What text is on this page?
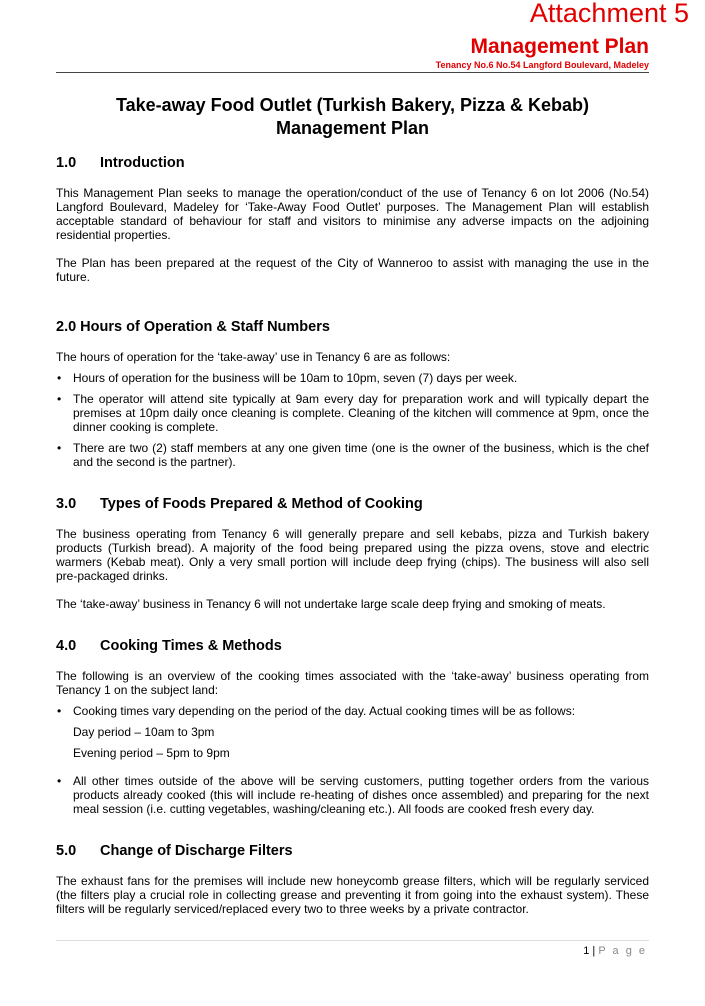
Attachment 5
Management Plan
Tenancy No.6 No.54 Langford Boulevard, Madeley
Take-away Food Outlet (Turkish Bakery, Pizza & Kebab)
Management Plan
1.0 Introduction

This Management Plan seeks to manage the operation/conduct of the use of Tenancy 6 on lot 2006 (No.54) Langford Boulevard, Madeley for ‘Take-Away Food Outlet’ purposes. The Management Plan will establish acceptable standard of behaviour for staff and visitors to minimise any adverse impacts on the adjoining residential properties.

The Plan has been prepared at the request of the City of Wanneroo to assist with managing the use in the future.

2.0 Hours of Operation & Staff Numbers

The hours of operation for the ‘take-away’ use in Tenancy 6 are as follows:

• Hours of operation for the business will be 10am to 10pm, seven (7) days per week.
• The operator will attend site typically at 9am every day for preparation work and will typically depart the premises at 10pm daily once cleaning is complete. Cleaning of the kitchen will commence at 9pm, once the dinner cooking is complete.
• There are two (2) staff members at any one given time (one is the owner of the business, which is the chef and the second is the partner).
3.0 Types of Foods Prepared & Method of Cooking

The business operating from Tenancy 6 will generally prepare and sell kebabs, pizza and Turkish bakery products (Turkish bread). A majority of the food being prepared using the pizza ovens, stove and electric warmers (Kebab meat). Only a very small portion will include deep frying (chips). The business will also sell pre-packaged drinks.

The ‘take-away’ business in Tenancy 6 will not undertake large scale deep frying and smoking of meats.

4.0 Cooking Times & Methods

The following is an overview of the cooking times associated with the ‘take-away’ business operating from Tenancy 1 on the subject land:

• Cooking times vary depending on the period of the day. Actual cooking times will be as follows:
Day period – 10am to 3pm
Evening period – 5pm to 9pm
• All other times outside of the above will be serving customers, putting together orders from the various products already cooked (this will include re-heating of dishes once assembled) and preparing for the next meal session (i.e. cutting vegetables, washing/cleaning etc.). All foods are cooked fresh every day.
5.0 Change of Discharge Filters

The exhaust fans for the premises will include new honeycomb grease filters, which will be regularly serviced (the filters play a crucial role in collecting grease and preventing it from going into the exhaust system). These filters will be regularly serviced/replaced every two to three weeks by a private contractor.

1 | P a g e
